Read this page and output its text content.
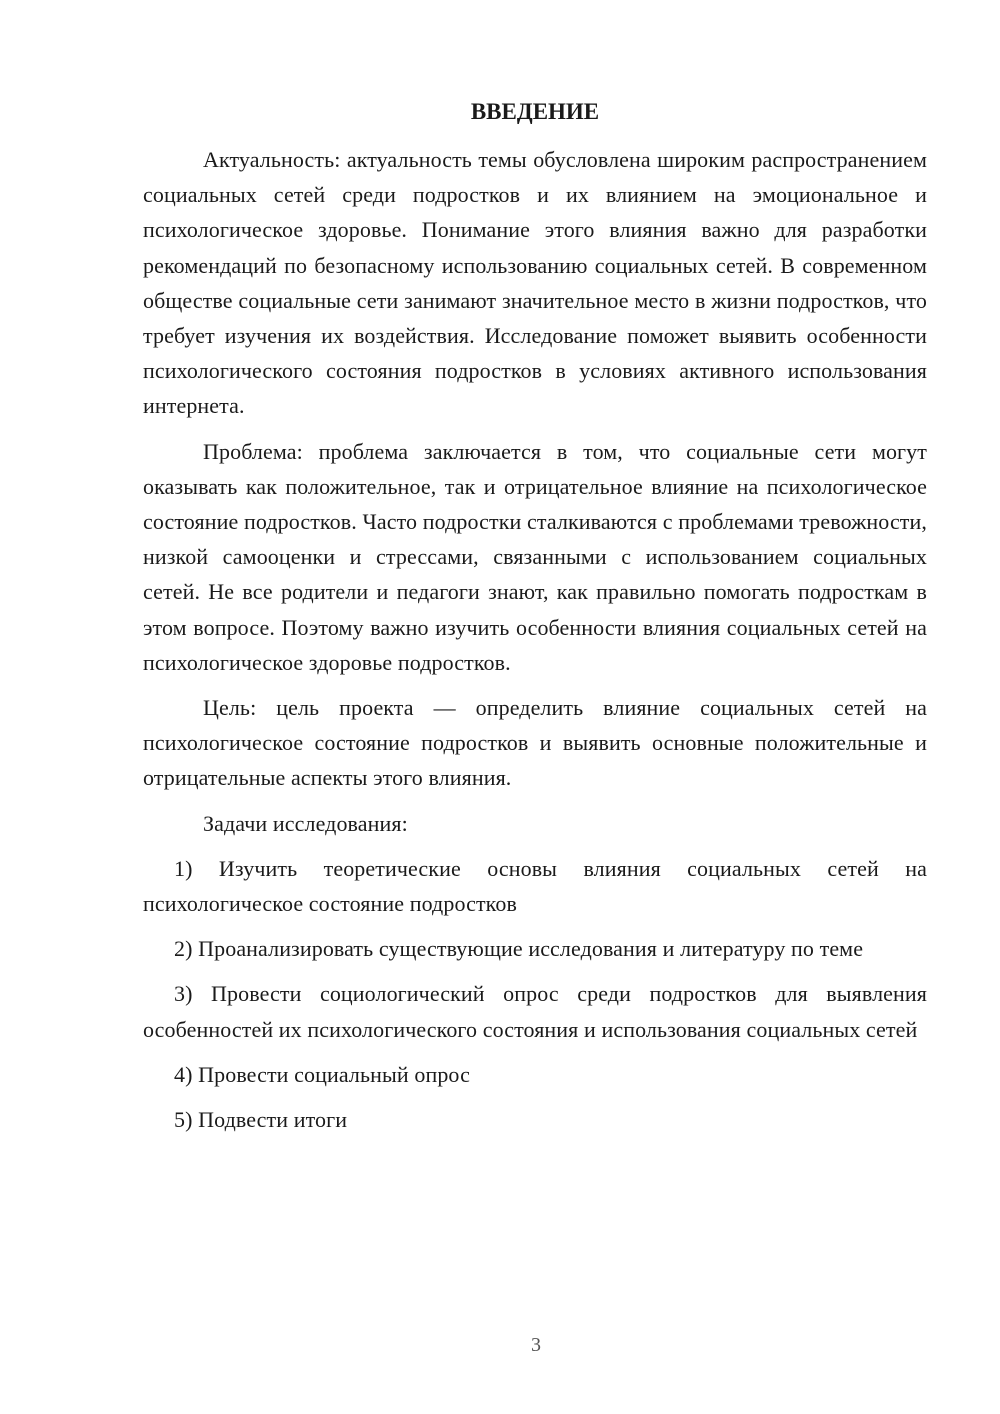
ВВЕДЕНИЕ

Актуальность: актуальность темы обусловлена широким распространением социальных сетей среди подростков и их влиянием на эмоциональное и психологическое здоровье. Понимание этого влияния важно для разработки рекомендаций по безопасному использованию социальных сетей. В современном обществе социальные сети занимают значительное место в жизни подростков, что требует изучения их воздействия. Исследование поможет выявить особенности психологического состояния подростков в условиях активного использования интернета.

Проблема: проблема заключается в том, что социальные сети могут оказывать как положительное, так и отрицательное влияние на психологическое состояние подростков. Часто подростки сталкиваются с проблемами тревожности, низкой самооценки и стрессами, связанными с использованием социальных сетей. Не все родители и педагоги знают, как правильно помогать подросткам в этом вопросе. Поэтому важно изучить особенности влияния социальных сетей на психологическое здоровье подростков.

Цель: цель проекта — определить влияние социальных сетей на психологическое состояние подростков и выявить основные положительные и отрицательные аспекты этого влияния.

Задачи исследования:

1) Изучить теоретические основы влияния социальных сетей на психологическое состояние подростков

2) Проанализировать существующие исследования и литературу по теме

3) Провести социологический опрос среди подростков для выявления особенностей их психологического состояния и использования социальных сетей

4) Провести социальный опрос

5) Подвести итоги

3
